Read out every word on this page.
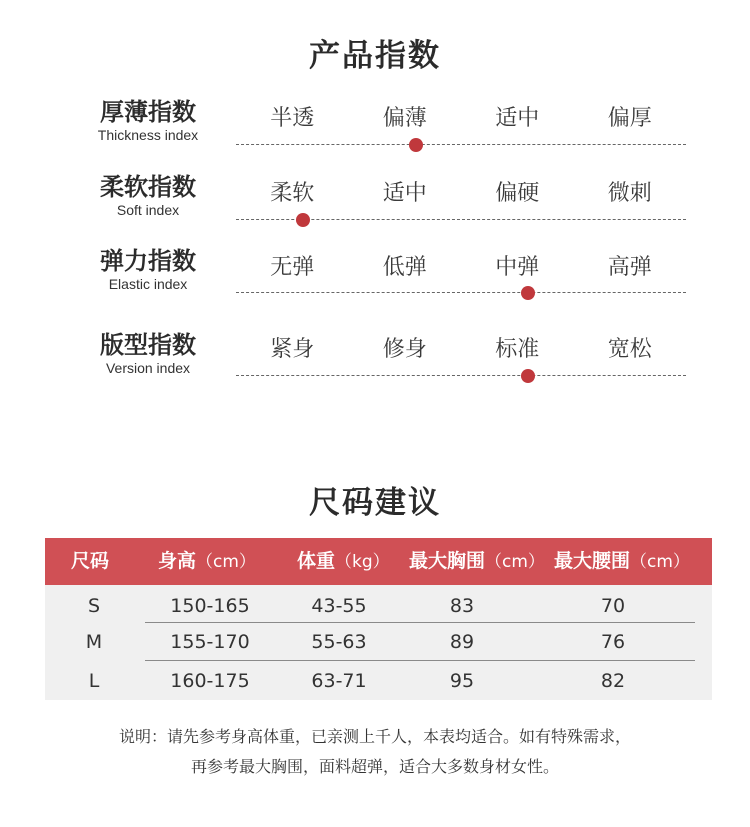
产品指数
厚薄指数
Thickness index
半透	偏薄	适中	偏厚
柔软指数
Soft index
柔软	适中	偏硬	微刺
弹力指数
Elastic index
无弹	低弹	中弹	高弹
版型指数
Version index
紧身	修身	标准	宽松
尺码建议
尺码	身高（cm） 体重（kg） 最大胸围（cm） 最大腰围（cm）
S	150-165	43-55	83	70
M	155-170	55-63	89	76
L	160-175	63-71	95	82
说明：请先参考身高体重，已亲测上千人，本表均适合。如有特殊需求，
再参考最大胸围，面料超弹，适合大多数身材女性。
